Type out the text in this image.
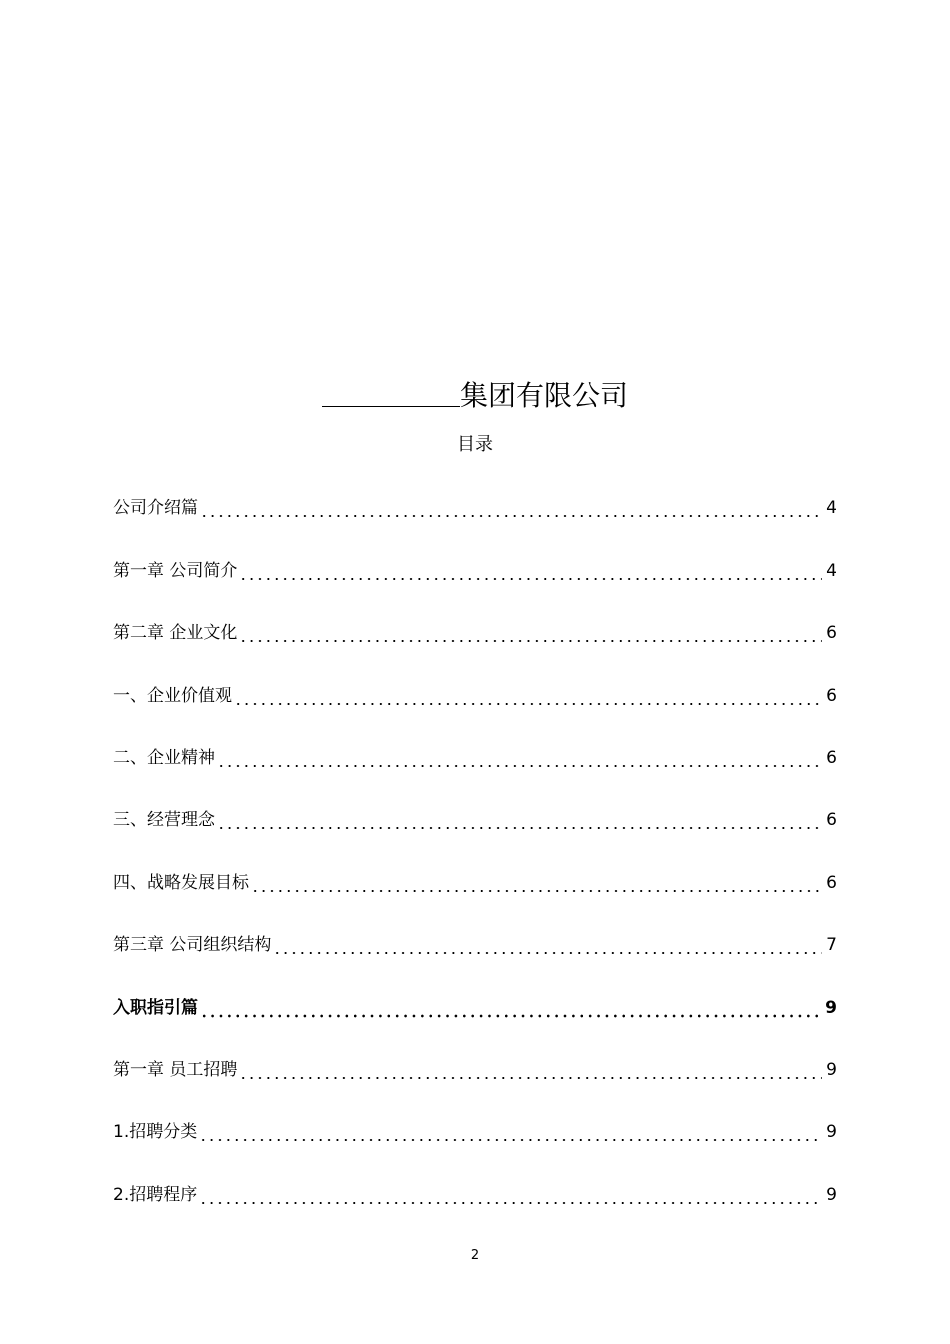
集团有限公司
目录
公司介绍篇	4
第一章 公司简介	4
第二章 企业文化	6
一、企业价值观	6
二、企业精神	6
三、经营理念	6
四、战略发展目标	6
第三章 公司组织结构	7
入职指引篇	9
第一章 员工招聘	9
1.招聘分类	9
2.招聘程序	9
2
